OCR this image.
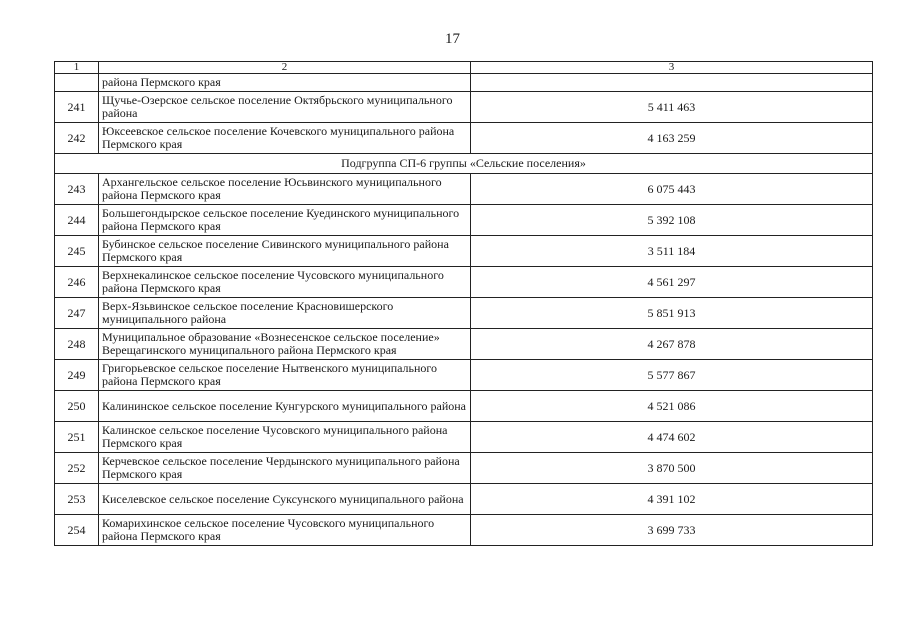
17
1	2	3
	района Пермского края	
241	Щучье-Озерское сельское поселение Октябрьского муниципального района	5 411 463
242	Юксеевское сельское поселение Кочевского муниципального района Пермского края	4 163 259
Подгруппа СП-6 группы «Сельские поселения»		
243	Архангельское сельское поселение Юсьвинского муниципального района Пермского края	6 075 443
244	Большегондырское сельское поселение Куединского муниципального района Пермского края	5 392 108
245	Бубинское сельское поселение Сивинского муниципального района Пермского края	3 511 184
246	Верхнекалинское сельское поселение Чусовского муниципального района Пермского края	4 561 297
247	Верх-Язьвинское сельское поселение Красновишерского муниципального района	5 851 913
248	Муниципальное образование «Вознесенское сельское поселение» Верещагинского муниципального района Пермского края	4 267 878
249	Григорьевское сельское поселение Нытвенского муниципального района Пермского края	5 577 867
250	Калининское сельское поселение Кунгурского муниципального района	4 521 086
251	Калинское сельское поселение Чусовского муниципального района Пермского края	4 474 602
252	Керчевское сельское поселение Чердынского муниципального района Пермского края	3 870 500
253	Киселевское сельское поселение Суксунского муниципального района	4 391 102
254	Комарихинское сельское поселение Чусовского муниципального района Пермского края	3 699 733
